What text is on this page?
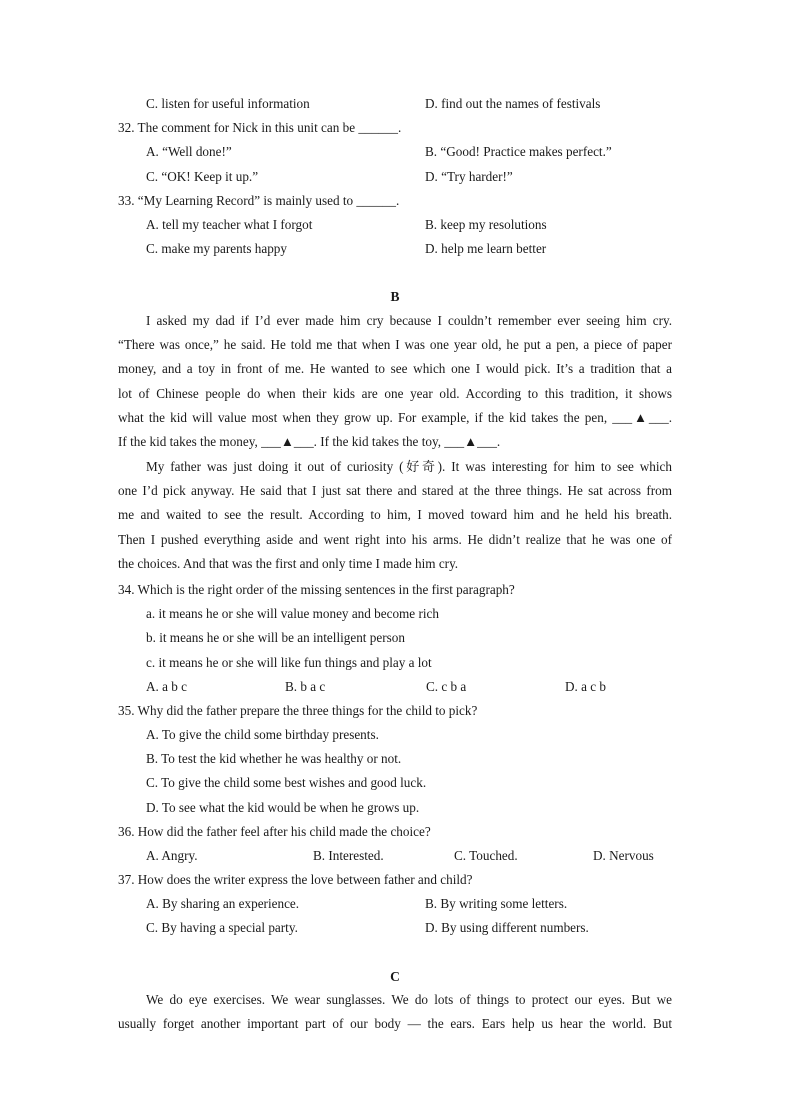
C. listen for useful information	D. find out the names of festivals
32. The comment for Nick in this unit can be ______.
A. “Well done!”	B. “Good! Practice makes perfect.”
C. “OK! Keep it up.”	D. “Try harder!”
33. “My Learning Record” is mainly used to ______.
A. tell my teacher what I forgot	B. keep my resolutions
C. make my parents happy	D. help me learn better
B
I asked my dad if I’d ever made him cry because I couldn’t remember ever seeing him cry.
“There was once,” he said. He told me that when I was one year old, he put a pen, a piece of paper
money, and a toy in front of me. He wanted to see which one I would pick. It’s a tradition that a
lot of Chinese people do when their kids are one year old. According to this tradition, it shows
what the kid will value most when they grow up. For example, if the kid takes the pen, ___▲___.
If the kid takes the money, ___▲___. If the kid takes the toy, ___▲___.
My father was just doing it out of curiosity (好奇). It was interesting for him to see which
one I’d pick anyway. He said that I just sat there and stared at the three things. He sat across from
me and waited to see the result. According to him, I moved toward him and he held his breath.
Then I pushed everything aside and went right into his arms. He didn’t realize that he was one of
the choices. And that was the first and only time I made him cry.
34. Which is the right order of the missing sentences in the first paragraph?
a. it means he or she will value money and become rich
b. it means he or she will be an intelligent person
c. it means he or she will like fun things and play a lot
A. a b c	B. b a c	C. c b a	D. a c b
35. Why did the father prepare the three things for the child to pick?
A. To give the child some birthday presents.
B. To test the kid whether he was healthy or not.
C. To give the child some best wishes and good luck.
D. To see what the kid would be when he grows up.
36. How did the father feel after his child made the choice?
A. Angry.	B. Interested.	C. Touched.	D. Nervous
37. How does the writer express the love between father and child?
A. By sharing an experience.	B. By writing some letters.
C. By having a special party.	D. By using different numbers.
C
We do eye exercises. We wear sunglasses. We do lots of things to protect our eyes. But we
usually forget another important part of our body — the ears. Ears help us hear the world. But
